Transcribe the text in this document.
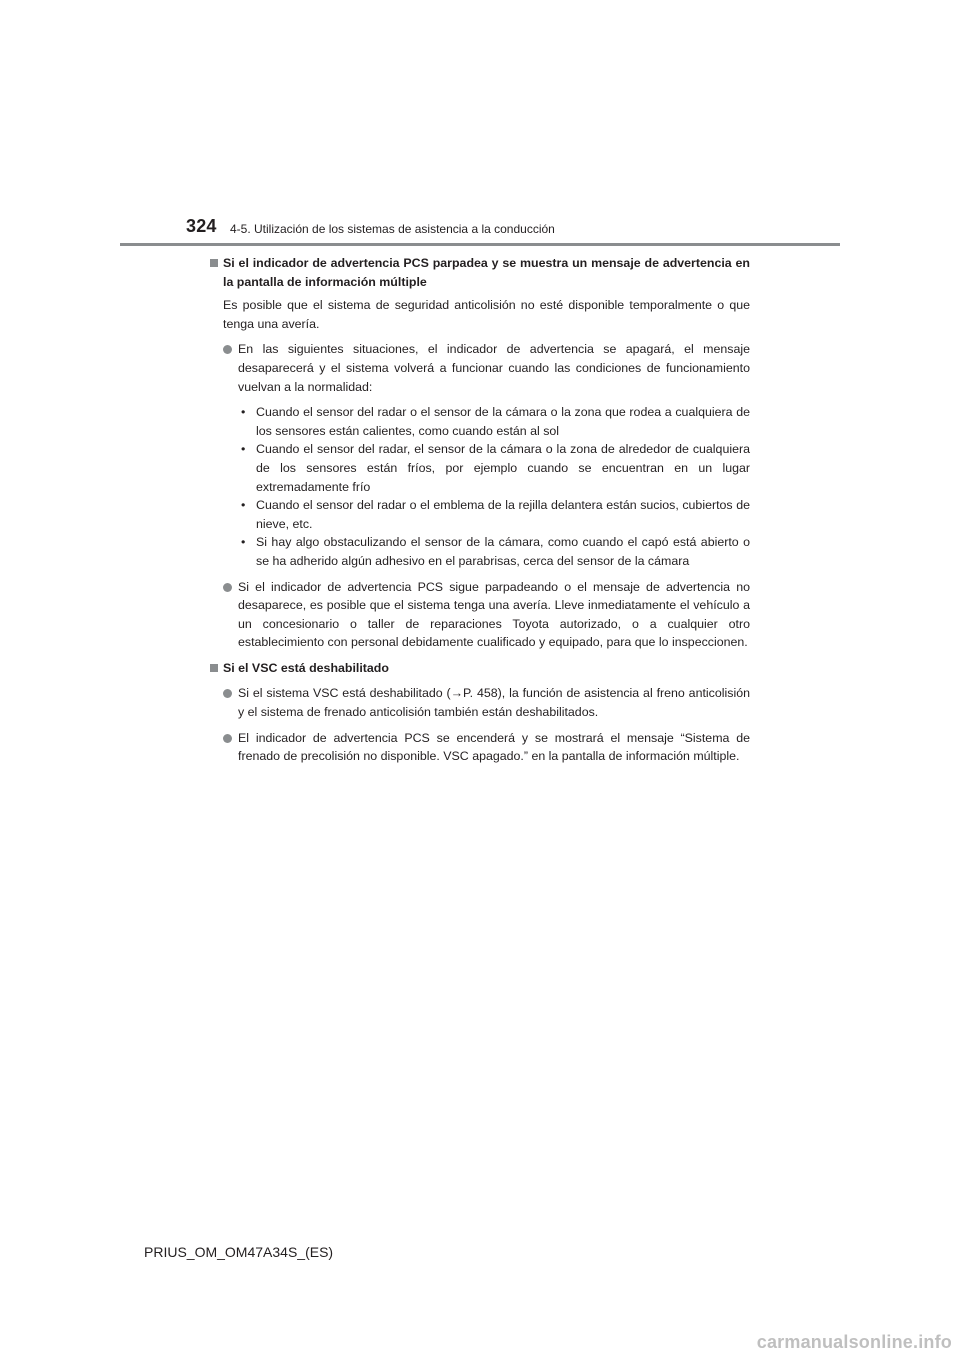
324 4-5. Utilización de los sistemas de asistencia a la conducción
Si el indicador de advertencia PCS parpadea y se muestra un mensaje de advertencia en la pantalla de información múltiple
Es posible que el sistema de seguridad anticolisión no esté disponible temporalmente o que tenga una avería.
En las siguientes situaciones, el indicador de advertencia se apagará, el mensaje desaparecerá y el sistema volverá a funcionar cuando las condiciones de funcionamiento vuelvan a la normalidad:
• Cuando el sensor del radar o el sensor de la cámara o la zona que rodea a cualquiera de los sensores están calientes, como cuando están al sol
• Cuando el sensor del radar, el sensor de la cámara o la zona de alrededor de cualquiera de los sensores están fríos, por ejemplo cuando se encuentran en un lugar extremadamente frío
• Cuando el sensor del radar o el emblema de la rejilla delantera están sucios, cubiertos de nieve, etc.
• Si hay algo obstaculizando el sensor de la cámara, como cuando el capó está abierto o se ha adherido algún adhesivo en el parabrisas, cerca del sensor de la cámara
Si el indicador de advertencia PCS sigue parpadeando o el mensaje de advertencia no desaparece, es posible que el sistema tenga una avería. Lleve inmediatamente el vehículo a un concesionario o taller de reparaciones Toyota autorizado, o a cualquier otro establecimiento con personal debidamente cualificado y equipado, para que lo inspeccionen.
Si el VSC está deshabilitado
Si el sistema VSC está deshabilitado (→P. 458), la función de asistencia al freno anticolisión y el sistema de frenado anticolisión también están deshabilitados.
El indicador de advertencia PCS se encenderá y se mostrará el mensaje “Sistema de frenado de precolisión no disponible. VSC apagado.” en la pantalla de información múltiple.
PRIUS_OM_OM47A34S_(ES)
carmanualsonline.info
